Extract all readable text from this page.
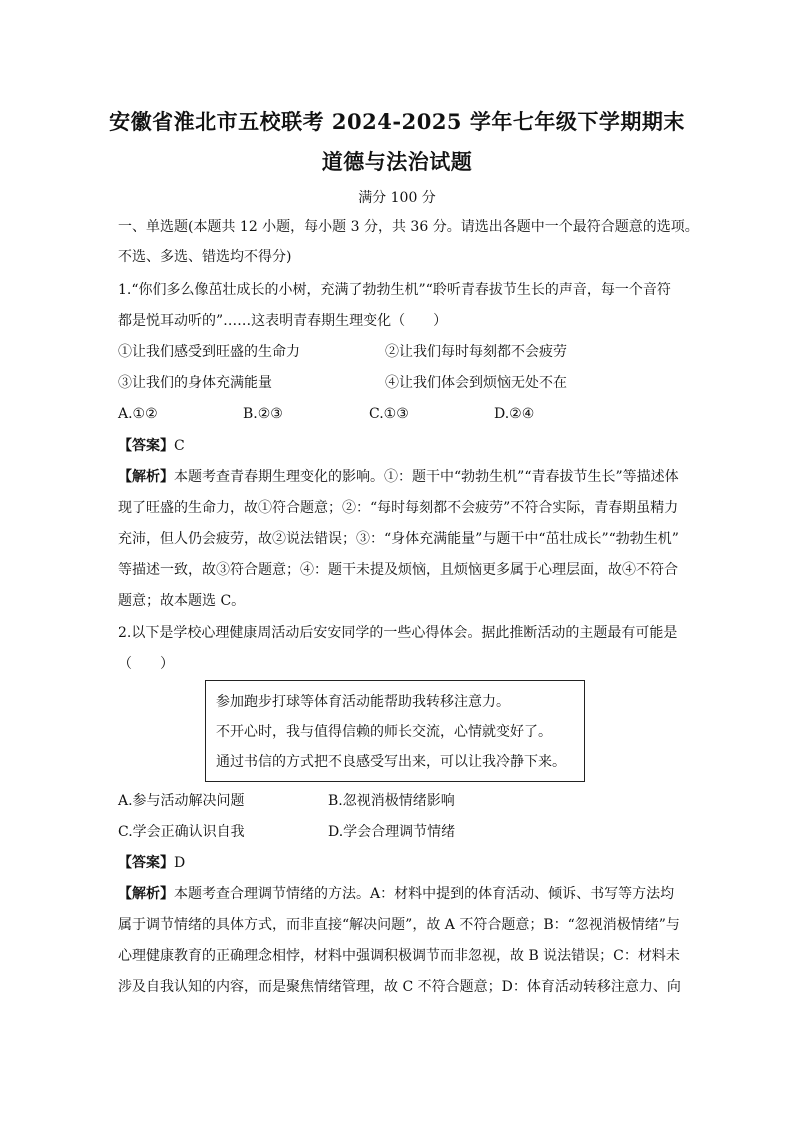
安徽省淮北市五校联考 2024-2025 学年七年级下学期期末
道德与法治试题
满分 100 分
一、单选题(本题共 12 小题，每小题 3 分，共 36 分。请选出各题中一个最符合题意的选项。
不选、多选、错选均不得分)
1.“你们多么像茁壮成长的小树，充满了勃勃生机”“聆听青春拔节生长的声音，每一个音符
都是悦耳动听的”……这表明青春期生理变化（　　）
①让我们感受到旺盛的生命力	②让我们每时每刻都不会疲劳
③让我们的身体充满能量	④让我们体会到烦恼无处不在
A.①②	B.②③	C.①③	D.②④
【答案】C
【解析】本题考查青春期生理变化的影响。①：题干中“勃勃生机”“青春拔节生长”等描述体
现了旺盛的生命力，故①符合题意；②：“每时每刻都不会疲劳”不符合实际，青春期虽精力
充沛，但人仍会疲劳，故②说法错误；③：“身体充满能量”与题干中“茁壮成长”“勃勃生机”
等描述一致，故③符合题意；④：题干未提及烦恼，且烦恼更多属于心理层面，故④不符合
题意；故本题选 C。
2.以下是学校心理健康周活动后安安同学的一些心得体会。据此推断活动的主题最有可能是
（　　）
参加跑步打球等体育活动能帮助我转移注意力。
不开心时，我与值得信赖的师长交流，心情就变好了。
通过书信的方式把不良感受写出来，可以让我冷静下来。
A.参与活动解决问题	B.忽视消极情绪影响
C.学会正确认识自我	D.学会合理调节情绪
【答案】D
【解析】本题考查合理调节情绪的方法。A：材料中提到的体育活动、倾诉、书写等方法均
属于调节情绪的具体方式，而非直接“解决问题”，故 A 不符合题意；B：“忽视消极情绪”与
心理健康教育的正确理念相悖，材料中强调积极调节而非忽视，故 B 说法错误；C：材料未
涉及自我认知的内容，而是聚焦情绪管理，故 C 不符合题意；D：体育活动转移注意力、向
